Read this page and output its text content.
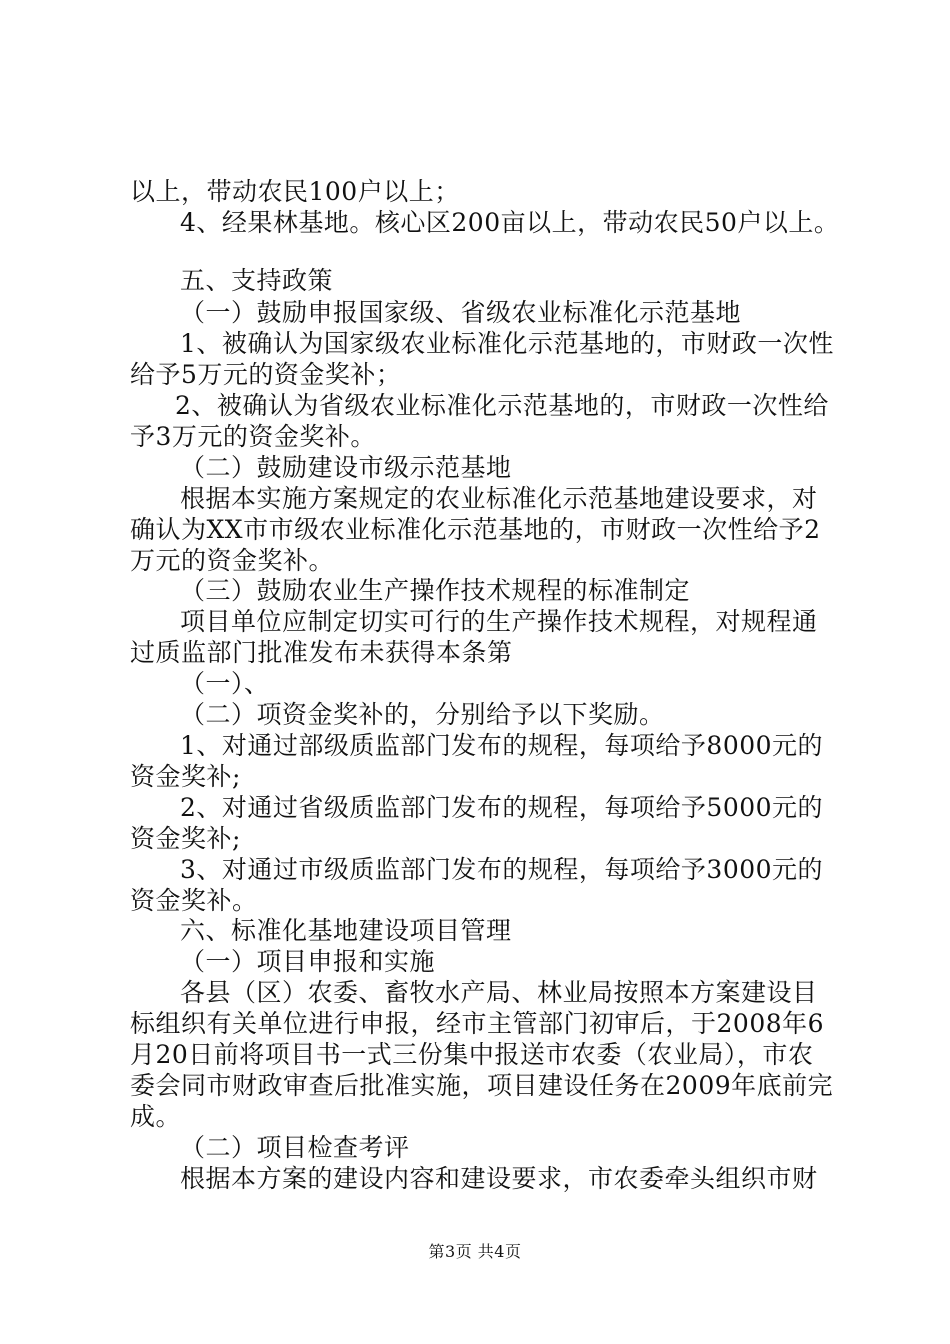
以上，带动农民100户以上；
4、经果林基地。核心区200亩以上，带动农民50户以上。
五、支持政策
（一）鼓励申报国家级、省级农业标准化示范基地
1、被确认为国家级农业标准化示范基地的，市财政一次性
给予5万元的资金奖补；
2、被确认为省级农业标准化示范基地的，市财政一次性给
予3万元的资金奖补。
（二）鼓励建设市级示范基地
根据本实施方案规定的农业标准化示范基地建设要求，对
确认为XX市市级农业标准化示范基地的，市财政一次性给予2
万元的资金奖补。
（三）鼓励农业生产操作技术规程的标准制定
项目单位应制定切实可行的生产操作技术规程，对规程通
过质监部门批准发布未获得本条第
（一）、
（二）项资金奖补的，分别给予以下奖励。
1、对通过部级质监部门发布的规程，每项给予8000元的
资金奖补;
2、对通过省级质监部门发布的规程，每项给予5000元的
资金奖补;
3、对通过市级质监部门发布的规程，每项给予3000元的
资金奖补。
六、标准化基地建设项目管理
（一）项目申报和实施
各县（区）农委、畜牧水产局、林业局按照本方案建设目
标组织有关单位进行申报，经市主管部门初审后，于2008年6
月20日前将项目书一式三份集中报送市农委（农业局），市农
委会同市财政审查后批准实施，项目建设任务在2009年底前完
成。
（二）项目检查考评
根据本方案的建设内容和建设要求，市农委牵头组织市财
第3页 共4页
